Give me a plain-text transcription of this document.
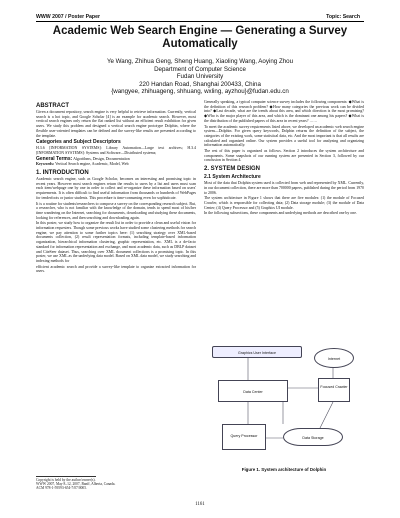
WWW 2007 / Poster Paper	Topic: Search
Academic Web Search Engine — Generating a Survey Automatically
Ye Wang, Zhihua Geng, Sheng Huang, Xiaoling Wang, Aoying Zhou
Department of Computer Science
Fudan University
220 Handan Road, Shanghai 200433, China
{wangyee, zhihuageng, shhuang, wxling, ayzhou}@fudan.edu.cn
ABSTRACT

Given a document repository, search engine is very helpful to retrieve information. Currently, vertical search is a hot topic, and Google Scholar [4] is an example for academic search. However, most vertical search engines only return the flat ranked list without an efficient result exhibition for given users. We study this problem and designed a vertical search engine prototype Dolphin, where the flexible user-oriented templates can be defined and the survey-like results are presented according to the template.

Categories and Subject Descriptors

H.3.6 [INFORMATION SYSTEMS]: Library Automation—Large text archives; H.3.4 [INFORMATION SYSTEMS]: Systems and Software—Distributed systems;

General Terms: Algorithms, Design, Documentation

Keywords: Vertical Search engine, Academic, Model, Web

1. INTRODUCTION

Academic search engine, such as Google Scholar, becomes an interesting and promising topic in recent years. However most search engines return the results to users by a list and users must scan each item/webpage one by one in order to collect and re-organize these information based on users' requirements. It is often difficult to find useful information from thousands or hundreds of WebPages for tenderfoots or junior students. This procedure is time-consuming even for sophisticate.

It is a routine for students/researchers to compose a survey on the corresponding research subject. But, a researcher, who is not familiar with the knowledge of the domain, tends to spend most of his/her time wandering on the Internet, searching for documents, downloading and studying these documents, looking for references, and then searching and downloading again.

In this poster, we study how to organize the result list in order to provide a clean and useful vision for information requesters. Though some previous works have studied some clustering methods for search engine, we pay attention to some further topics here: (1) searching strategy over XML-based documents collection, (2) result representation formats, including template-based information organization, hierarchical information clustering, graphic representation, etc. XML is a de-facto standard for information representation and exchange, and most academic data, such as DBLP dataset and CiteSeer dataset. Thus, searching over XML document collections is a promising topic. In this poster, we use XML as the underlying data model. Based on XML data model, we study searching and indexing methods for

efficient academic search and provide a survey-like template to organize extracted information for users.

Generally speaking, a typical computer science survey includes the following components: ◆What is the definition of this research problem? ◆How many categories the previous work can be divided into? ◆Last decade, what are the trends about this area, and which direction is the most promising? ◆Who is the major player of this area, and which is the dominant one among his papers? ◆What is the distribution of the published papers of this area in recent years? ……

To meet the academic survey requirements listed above, we developed an academic web search engine system—Dolphin. For given query keywords, Dolphin returns the definition of the subject, the categories of the existing work, some statistical data, etc. And the most important is that all results are calculated and organized online. Our system provides a useful tool for analyzing and organizing information automatically.

The rest of this paper is organized as follows. Section 2 introduces the system architecture and components. Some snapshots of our running system are presented in Section 3, followed by our conclusion in Section 4.

2. SYSTEM DESIGN
2.1 System Architecture

Most of the data that Dolphin system used is collected from web and represented by XML. Currently, in our document collection, there are more than 700000 papers, published during the period from 1970 to 2006.

The system architecture in Figure 1 shows that there are five modules: (1) the module of Focused Crawler, which is responsible for collecting data; (2) Data storage module; (3) the module of Data Center; (4) Query Processor and (5) Graphics UI module.

In the following subsections, these components and underlying methods are described one by one.

Graphics User Interface
Internet
Data Center
Focused Crawler
Query Processor	Data Storage
Figure 1. System architecture of Dolphin
Copyright is held by the author/owner(s).
WWW 2007, May 8–12, 2007, Banff, Alberta, Canada.
ACM 978-1-59593-654-7/07/0005.
1161
